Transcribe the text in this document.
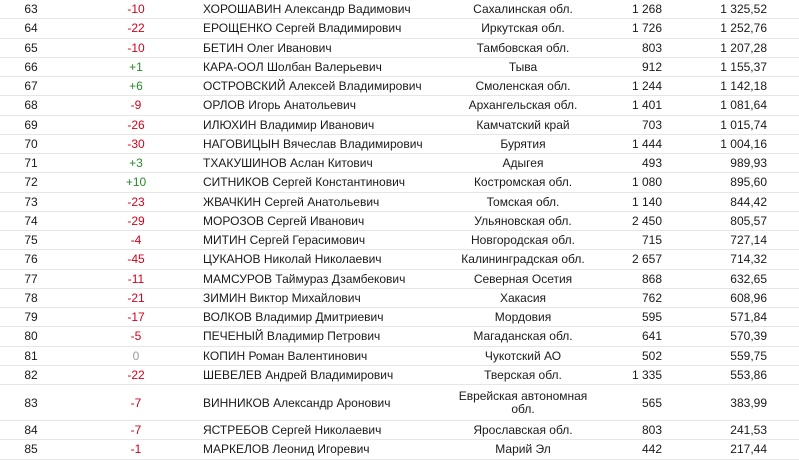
63	-10	ХОРОШАВИН Александр Вадимович	Сахалинская обл.	1 268	1 325,52
64	-22	ЕРОЩЕНКО Сергей Владимирович	Иркутская обл.	1 726	1 252,76
65	-10	БЕТИН Олег Иванович	Тамбовская обл.	803	1 207,28
66	+1	КАРА-ООЛ Шолбан Валерьевич	Тыва	912	1 155,37
67	+6	ОСТРОВСКИЙ Алексей Владимирович	Смоленская обл.	1 244	1 142,18
68	-9	ОРЛОВ Игорь Анатольевич	Архангельская обл.	1 401	1 081,64
69	-26	ИЛЮХИН Владимир Иванович	Камчатский край	703	1 015,74
70	-30	НАГОВИЦЫН Вячеслав Владимирович	Бурятия	1 444	1 004,16
71	+3	ТХАКУШИНОВ Аслан Китович	Адыгея	493	989,93
72	+10	СИТНИКОВ Сергей Константинович	Костромская обл.	1 080	895,60
73	-23	ЖВАЧКИН Сергей Анатольевич	Томская обл.	1 140	844,42
74	-29	МОРОЗОВ Сергей Иванович	Ульяновская обл.	2 450	805,57
75	-4	МИТИН Сергей Герасимович	Новгородская обл.	715	727,14
76	-45	ЦУКАНОВ Николай Николаевич	Калининградская обл.	2 657	714,32
77	-11	МАМСУРОВ Таймураз Дзамбекович	Северная Осетия	868	632,65
78	-21	ЗИМИН Виктор Михайлович	Хакасия	762	608,96
79	-17	ВОЛКОВ Владимир Дмитриевич	Мордовия	595	571,84
80	-5	ПЕЧЕНЫЙ Владимир Петрович	Магаданская обл.	641	570,39
81	0	КОПИН Роман Валентинович	Чукотский АО	502	559,75
82	-22	ШЕВЕЛЕВ Андрей Владимирович	Тверская обл.	1 335	553,86
83	-7	ВИННИКОВ Александр Аронович	Еврейская автономная обл.	565	383,99
84	-7	ЯСТРЕБОВ Сергей Николаевич	Ярославская обл.	803	241,53
85	-1	МАРКЕЛОВ Леонид Игоревич	Марий Эл	442	217,44
